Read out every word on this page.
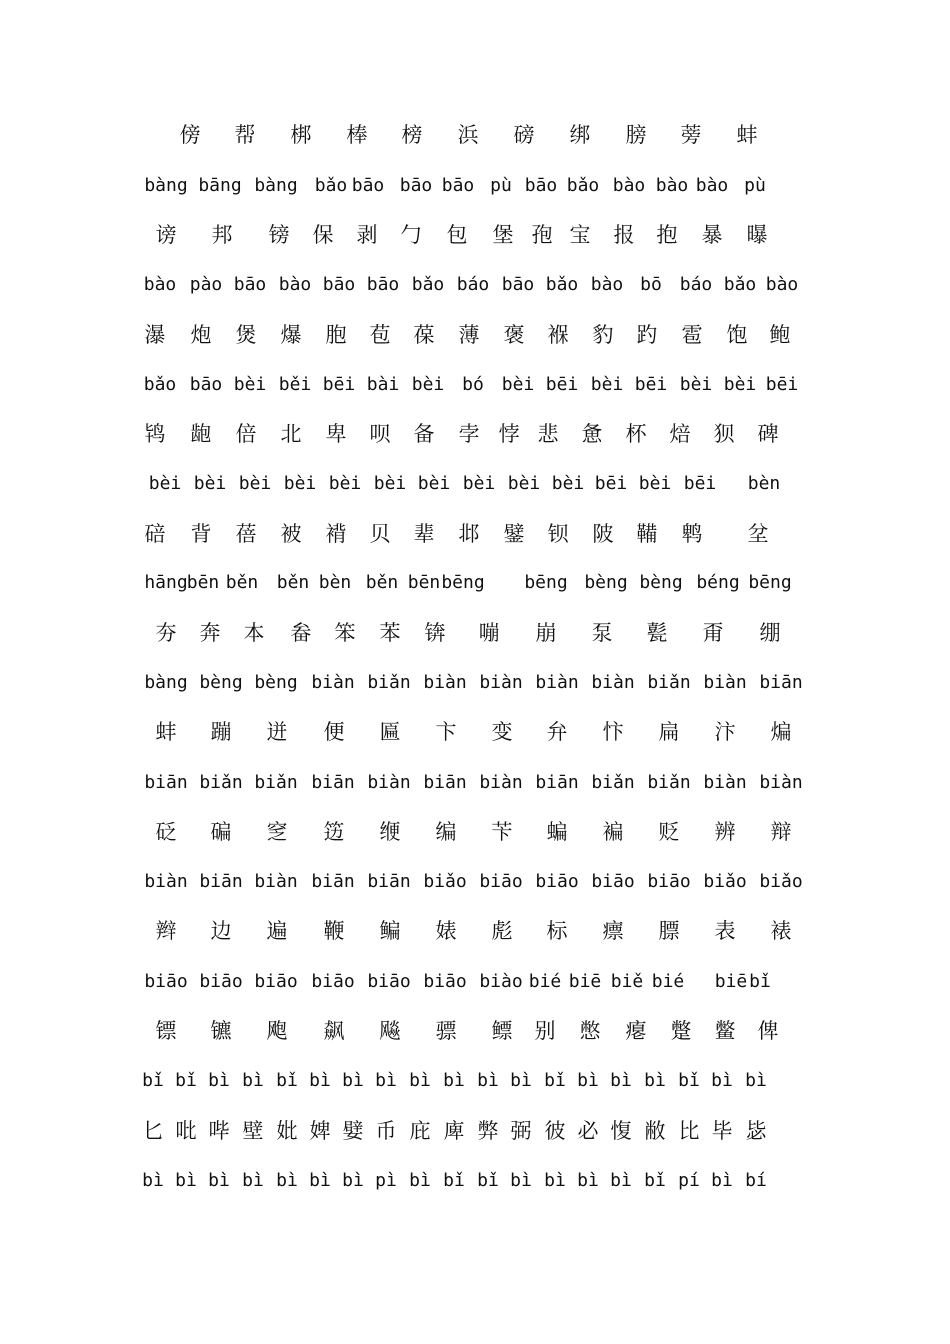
傍 帮 梆 棒 榜 浜 磅 绑 膀 蒡 蚌
bàng bāng bàng bǎo bāo bāo bāo pù bāo bǎo bào bào bào pù
谤 邦 镑 保 剥 勹 包 堡 孢 宝 报 抱 暴 曝
bào pào bāo bào bāo bāo bǎo báo bāo bǎo bào bō báo bǎo bào
瀑 炮 煲 爆 胞 苞 葆 薄 褒 褓 豹 趵 雹 饱 鲍
bǎo bāo bèi běi bēi bài bèi bó bèi bēi bèi bēi bèi bèi bēi
鸨 龅 倍 北 卑 呗 备 孛 悖 悲 惫 杯 焙 狈 碑
bèi bèi bèi bèi bèi bèi bèi bèi bèi bèi bēi bèi bēi bèn
碚 背 蓓 被 褙 贝 辈 邶 鐾 钡 陂 鞴 鹎 坌
hāng bēn běn běn bèn běn bēn bēng bēng bèng bèng béng bēng
夯 奔 本 畚 笨 苯 锛 嘣 崩 泵 甏 甭 绷
bàng bèng bèng biàn biǎn biàn biàn biàn biàn biǎn biàn biān
蚌 蹦 迸 便 匾 卞 变 弁 忭 扁 汴 煸
biān biǎn biǎn biān biàn biān biàn biān biǎn biǎn biàn biàn
砭 碥 窆 笾 缏 编 苄 蝙 褊 贬 辨 辩
biàn biān biàn biān biān biǎo biāo biāo biāo biāo biǎo biǎo
辫 边 遍 鞭 鳊 婊 彪 标 瘭 膘 表 裱
biāo biāo biāo biāo biāo biāo biào bié biē biě bié biē bǐ
镖 镳 飑 飙 飚 骠 鳔 别 憋 瘪 蹩 鳖 俾
bǐ bǐ bì bì bǐ bì bì bì bì bì bì bì bǐ bì bì bì bǐ bì bì
匕 吡 哔 壁 妣 婢 嬖 币 庇 庳 弊 弼 彼 必 愎 敝 比 毕 毖
bì bì bì bì bì bì bì pì bì bǐ bǐ bì bì bì bì bǐ pí bì bí
